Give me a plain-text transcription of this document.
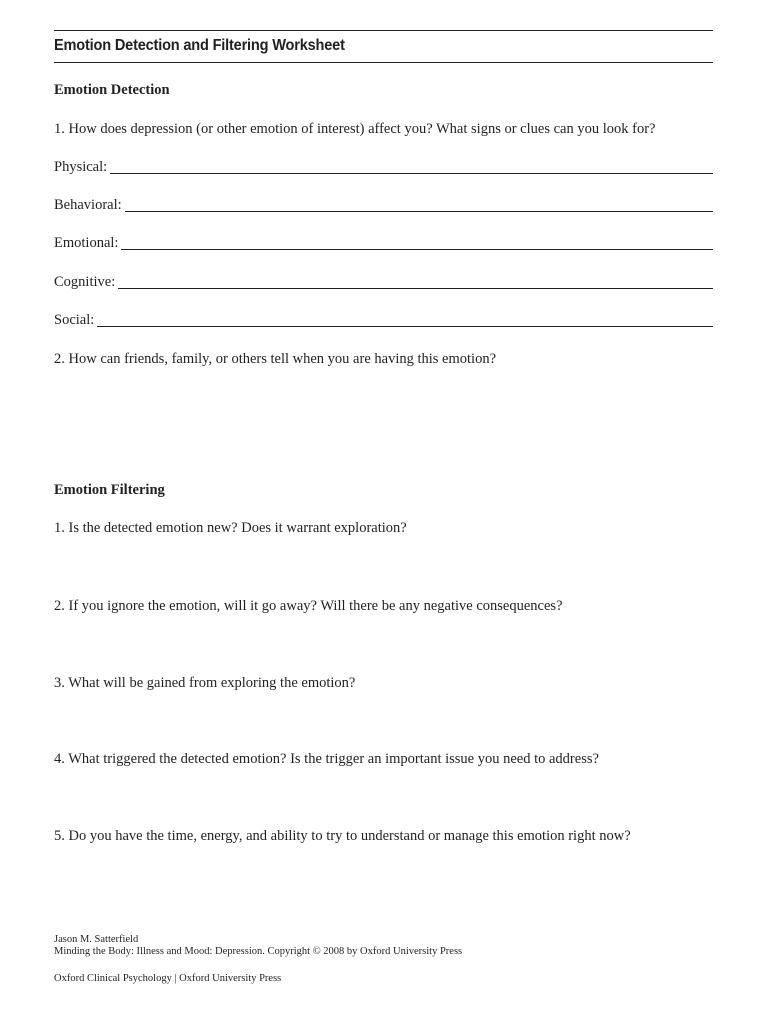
Emotion Detection and Filtering Worksheet
Emotion Detection
1. How does depression (or other emotion of interest) affect you? What signs or clues can you look for?
Physical:
Behavioral:
Emotional:
Cognitive:
Social:
2. How can friends, family, or others tell when you are having this emotion?
Emotion Filtering
1. Is the detected emotion new? Does it warrant exploration?
2. If you ignore the emotion, will it go away? Will there be any negative consequences?
3. What will be gained from exploring the emotion?
4. What triggered the detected emotion? Is the trigger an important issue you need to address?
5. Do you have the time, energy, and ability to try to understand or manage this emotion right now?
Jason M. Satterfield
Minding the Body: Illness and Mood: Depression. Copyright © 2008 by Oxford University Press
Oxford Clinical Psychology | Oxford University Press
